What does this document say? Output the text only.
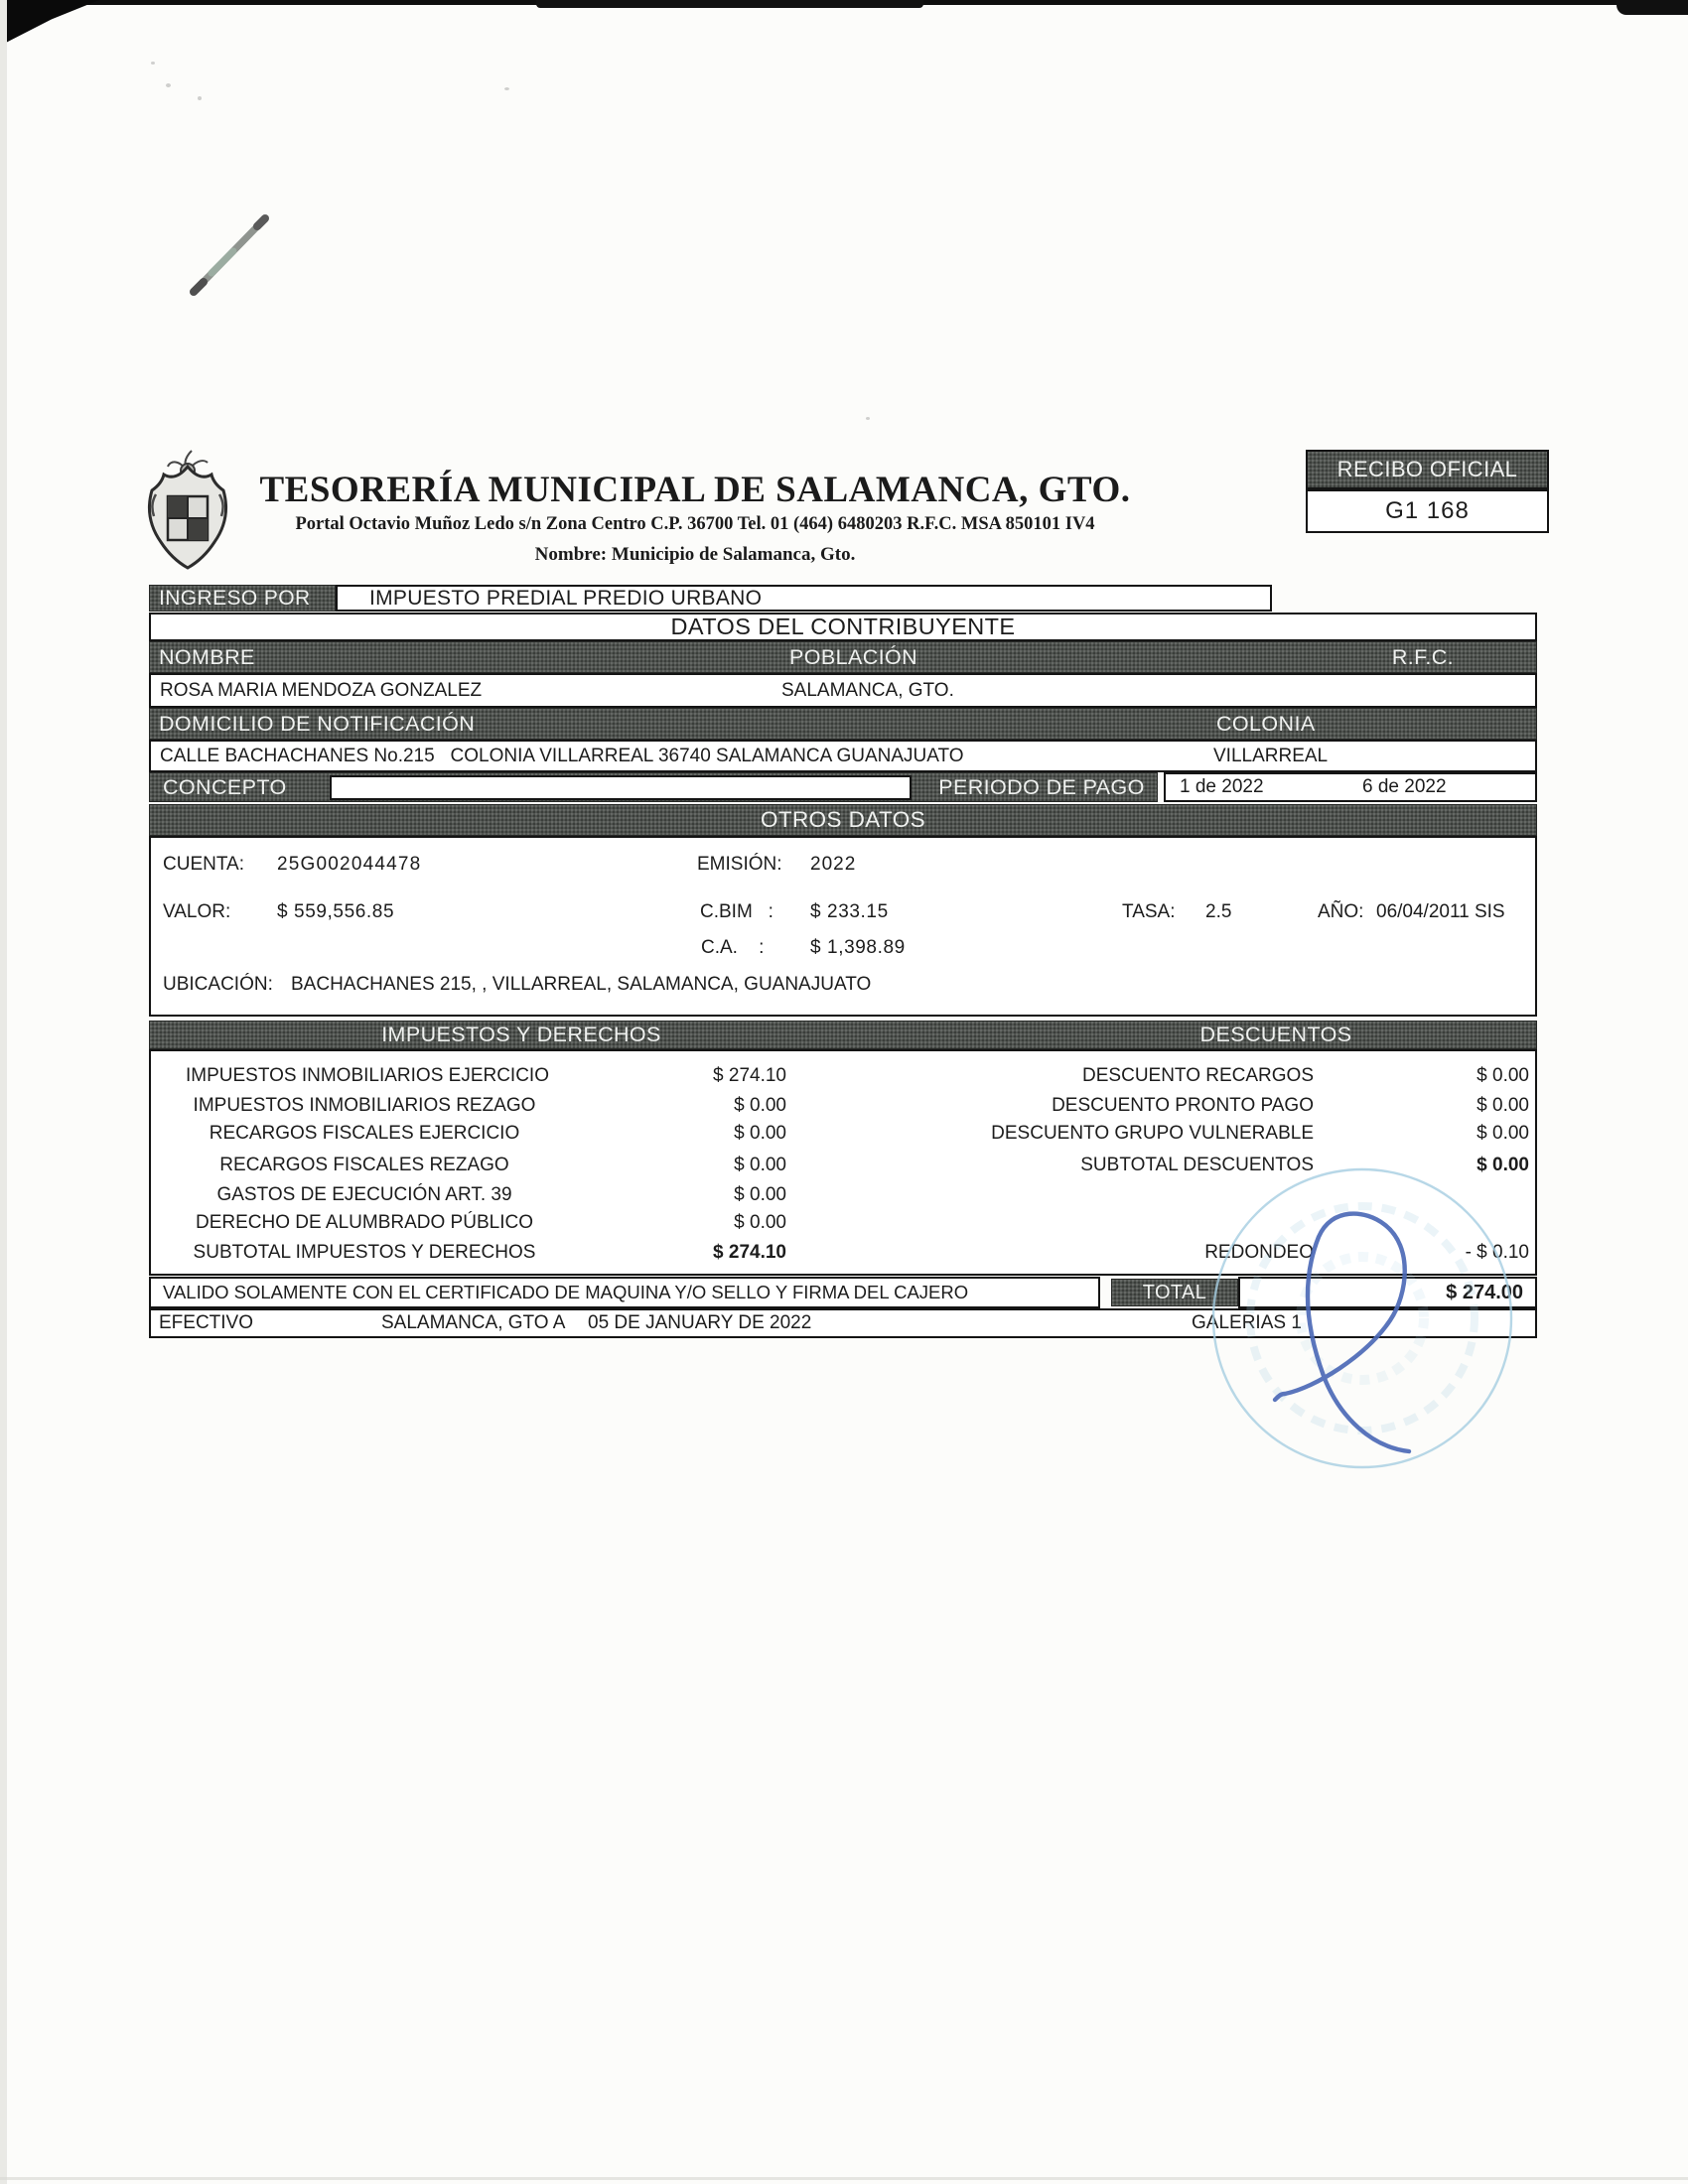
TESORERÍA MUNICIPAL DE SALAMANCA, GTO.
Portal Octavio Muñoz Ledo s/n Zona Centro C.P. 36700 Tel. 01 (464) 6480203 R.F.C. MSA 850101 IV4
Nombre: Municipio de Salamanca, Gto.
RECIBO OFICIAL
G1 168
INGRESO POR	IMPUESTO PREDIAL PREDIO URBANO
DATOS DEL CONTRIBUYENTE
NOMBRE	POBLACIÓN	R.F.C.
ROSA MARIA MENDOZA GONZALEZ	SALAMANCA, GTO.
DOMICILIO DE NOTIFICACIÓN	COLONIA
CALLE BACHACHANES No.215   COLONIA VILLARREAL 36740 SALAMANCA GUANAJUATO	VILLARREAL
CONCEPTO	PERIODO DE PAGO	1 de 2022	6 de 2022
OTROS DATOS
CUENTA: 25G002044478	EMISIÓN: 2022
VALOR: $ 559,556.85	C.BIM   : $ 233.15	TASA: 2.5	AÑO: 06/04/2011 SIS
C.A.    : $ 1,398.89
UBICACIÓN: BACHACHANES 215, , VILLARREAL, SALAMANCA, GUANAJUATO
IMPUESTOS Y DERECHOS	DESCUENTOS
IMPUESTOS INMOBILIARIOS EJERCICIO	$ 274.10
IMPUESTOS INMOBILIARIOS REZAGO	$ 0.00
RECARGOS FISCALES EJERCICIO	$ 0.00
RECARGOS FISCALES REZAGO	$ 0.00
GASTOS DE EJECUCIÓN ART. 39	$ 0.00
DERECHO DE ALUMBRADO PÚBLICO	$ 0.00
SUBTOTAL IMPUESTOS Y DERECHOS	$ 274.10
DESCUENTO RECARGOS	$ 0.00
DESCUENTO PRONTO PAGO	$ 0.00
DESCUENTO GRUPO VULNERABLE	$ 0.00
SUBTOTAL DESCUENTOS	$ 0.00
REDONDEO	- $ 0.10
VALIDO SOLAMENTE CON EL CERTIFICADO DE MAQUINA Y/O SELLO Y FIRMA DEL CAJERO	TOTAL	$ 274.00
EFECTIVO	SALAMANCA, GTO A 05 DE JANUARY DE 2022	GALERIAS 1
